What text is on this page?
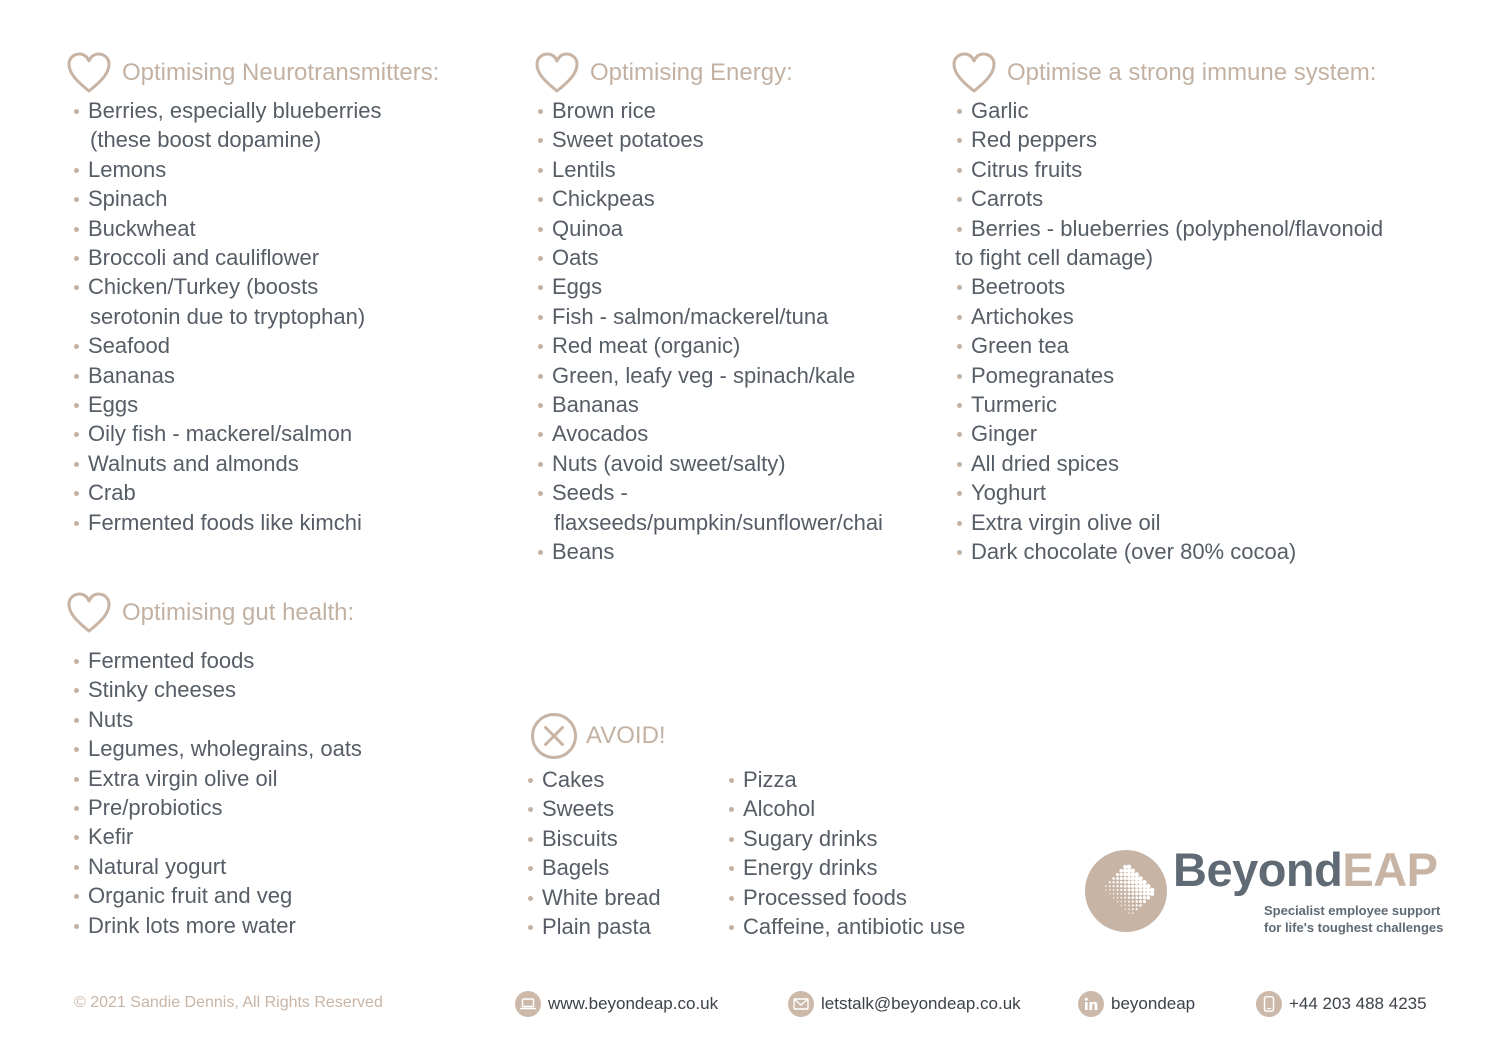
Optimising Neurotransmitters:
Berries, especially blueberries
(these boost dopamine)
Lemons
Spinach
Buckwheat
Broccoli and cauliflower
Chicken/Turkey (boosts
serotonin due to tryptophan)
Seafood
Bananas
Eggs
Oily fish - mackerel/salmon
Walnuts and almonds
Crab
Fermented foods like kimchi
Optimising Energy:
Brown rice
Sweet potatoes
Lentils
Chickpeas
Quinoa
Oats
Eggs
Fish - salmon/mackerel/tuna
Red meat (organic)
Green, leafy veg - spinach/kale
Bananas
Avocados
Nuts (avoid sweet/salty)
Seeds -
flaxseeds/pumpkin/sunflower/chai
Beans
Optimise a strong immune system:
Garlic
Red peppers
Citrus fruits
Carrots
Berries - blueberries (polyphenol/flavonoid
to fight cell damage)
Beetroots
Artichokes
Green tea
Pomegranates
Turmeric
Ginger
All dried spices
Yoghurt
Extra virgin olive oil
Dark chocolate (over 80% cocoa)
Optimising gut health:
Fermented foods
Stinky cheeses
Nuts
Legumes, wholegrains, oats
Extra virgin olive oil
Pre/probiotics
Kefir
Natural yogurt
Organic fruit and veg
Drink lots more water
AVOID!
Cakes
Sweets
Biscuits
Bagels
White bread
Plain pasta
Pizza
Alcohol
Sugary drinks
Energy drinks
Processed foods
Caffeine, antibiotic use
BeyondEAP
Specialist employee support
for life's toughest challenges
© 2021 Sandie Dennis, All Rights Reserved	www.beyondeap.co.uk	letstalk@beyondeap.co.uk	beyondeap	+44 203 488 4235
